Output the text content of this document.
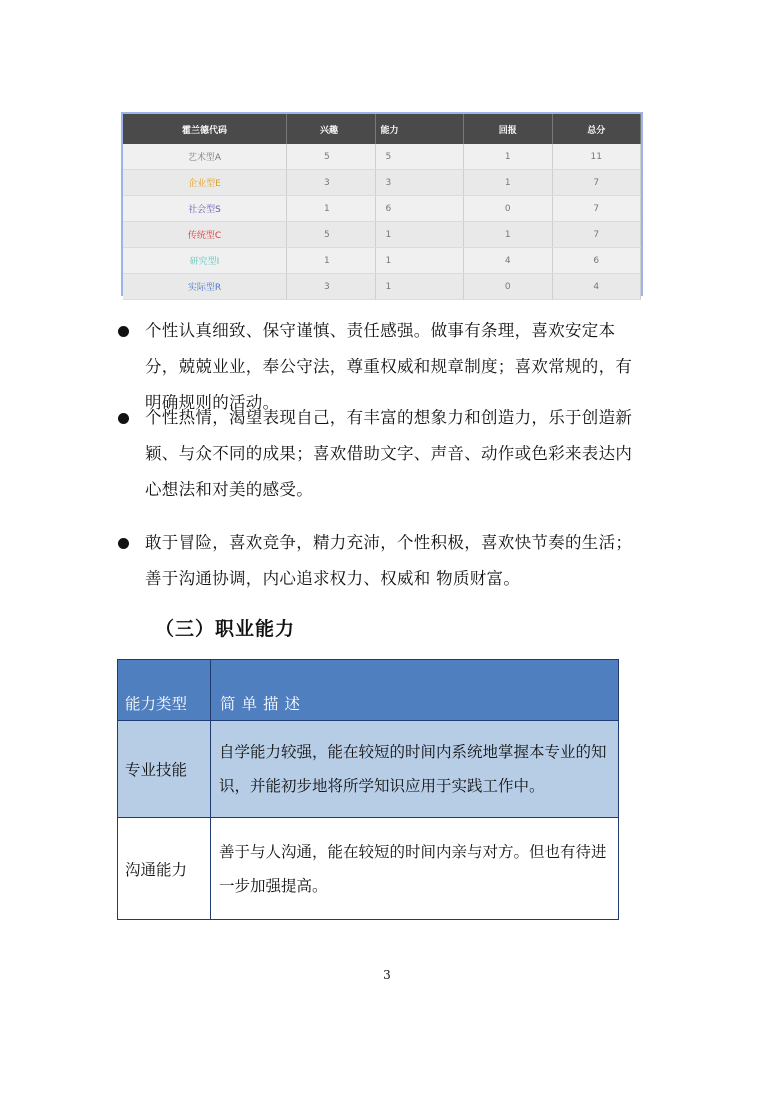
霍兰德代码	兴趣	能力	回报	总分
艺术型A	5	5	1	11
企业型E	3	3	1	7
社会型S	1	6	0	7
传统型C	5	1	1	7
研究型I	1	1	4	6
实际型R	3	1	0	4
个性认真细致、保守谨慎、责任感强。做事有条理，喜欢安定本分，兢兢业业，奉公守法，尊重权威和规章制度；喜欢常规的，有明确规则的活动。
个性热情，渴望表现自己，有丰富的想象力和创造力，乐于创造新颖、与众不同的成果；喜欢借助文字、声音、动作或色彩来表达内心想法和对美的感受。
敢于冒险，喜欢竞争，精力充沛，个性积极，喜欢快节奏的生活；善于沟通协调，内心追求权力、权威和 物质财富。
（三）职业能力
能力类型	简单描述
专业技能	自学能力较强，能在较短的时间内系统地掌握本专业的知识，并能初步地将所学知识应用于实践工作中。
沟通能力	善于与人沟通，能在较短的时间内亲与对方。但也有待进一步加强提高。
3
